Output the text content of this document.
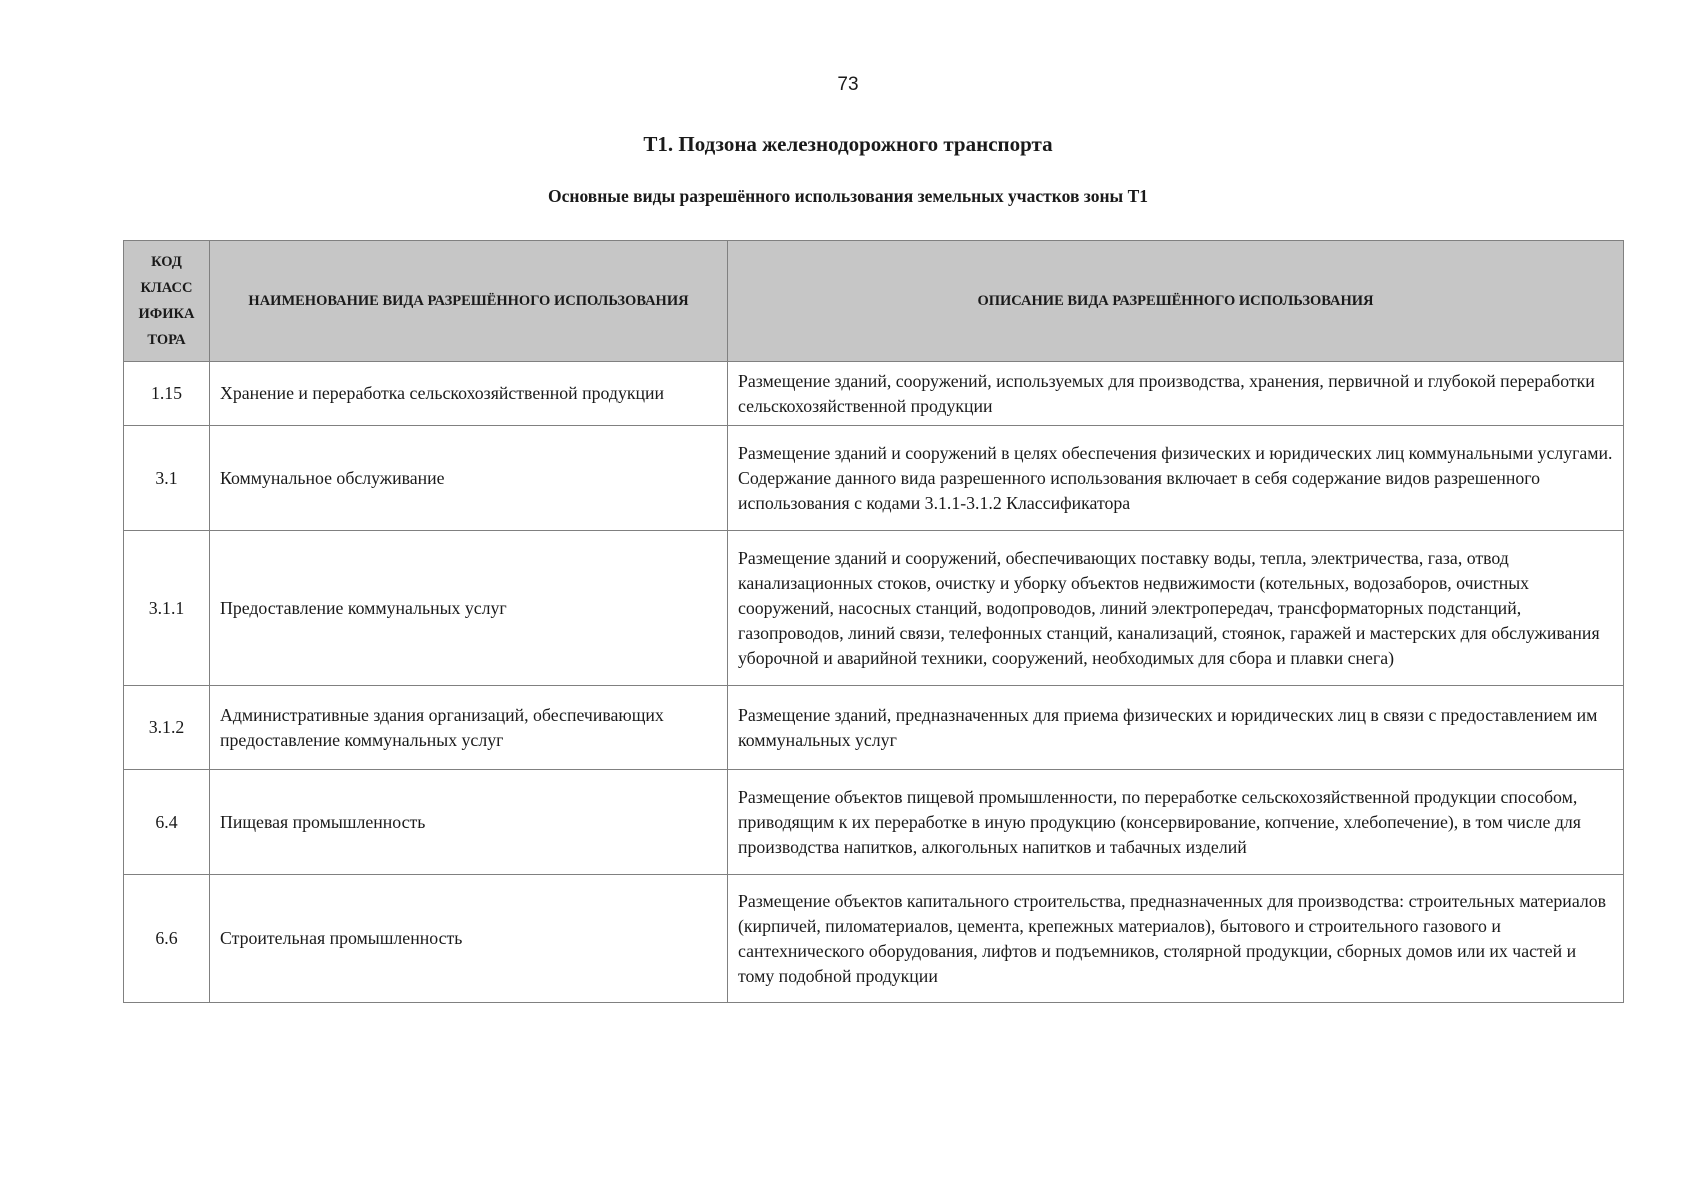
73
Т1. Подзона железнодорожного транспорта
Основные виды разрешённого использования земельных участков зоны Т1
КОД КЛАСС ИФИКА ТОРА	НАИМЕНОВАНИЕ ВИДА РАЗРЕШЁННОГО ИСПОЛЬЗОВАНИЯ	ОПИСАНИЕ ВИДА РАЗРЕШЁННОГО ИСПОЛЬЗОВАНИЯ
1.15	Хранение и переработка сельскохозяйственной продукции	Размещение зданий, сооружений, используемых для производства, хранения, первичной и глубокой переработки сельскохозяйственной продукции
3.1	Коммунальное обслуживание	Размещение зданий и сооружений в целях обеспечения физических и юридических лиц коммунальными услугами. Содержание данного вида разрешенного использования включает в себя содержание видов разрешенного использования с кодами 3.1.1-3.1.2 Классификатора
3.1.1	Предоставление коммунальных услуг	Размещение зданий и сооружений, обеспечивающих поставку воды, тепла, электричества, газа, отвод канализационных стоков, очистку и уборку объектов недвижимости (котельных, водозаборов, очистных сооружений, насосных станций, водопроводов, линий электропередач, трансформаторных подстанций, газопроводов, линий связи, телефонных станций, канализаций, стоянок, гаражей и мастерских для обслуживания уборочной и аварийной техники, сооружений, необходимых для сбора и плавки снега)
3.1.2	Административные здания организаций, обеспечивающих предоставление коммунальных услуг	Размещение зданий, предназначенных для приема физических и юридических лиц в связи с предоставлением им коммунальных услуг
6.4	Пищевая промышленность	Размещение объектов пищевой промышленности, по переработке сельскохозяйственной продукции способом, приводящим к их переработке в иную продукцию (консервирование, копчение, хлебопечение), в том числе для производства напитков, алкогольных напитков и табачных изделий
6.6	Строительная промышленность	Размещение объектов капитального строительства, предназначенных для производства: строительных материалов (кирпичей, пиломатериалов, цемента, крепежных материалов), бытового и строительного газового и сантехнического оборудования, лифтов и подъемников, столярной продукции, сборных домов или их частей и тому подобной продукции
